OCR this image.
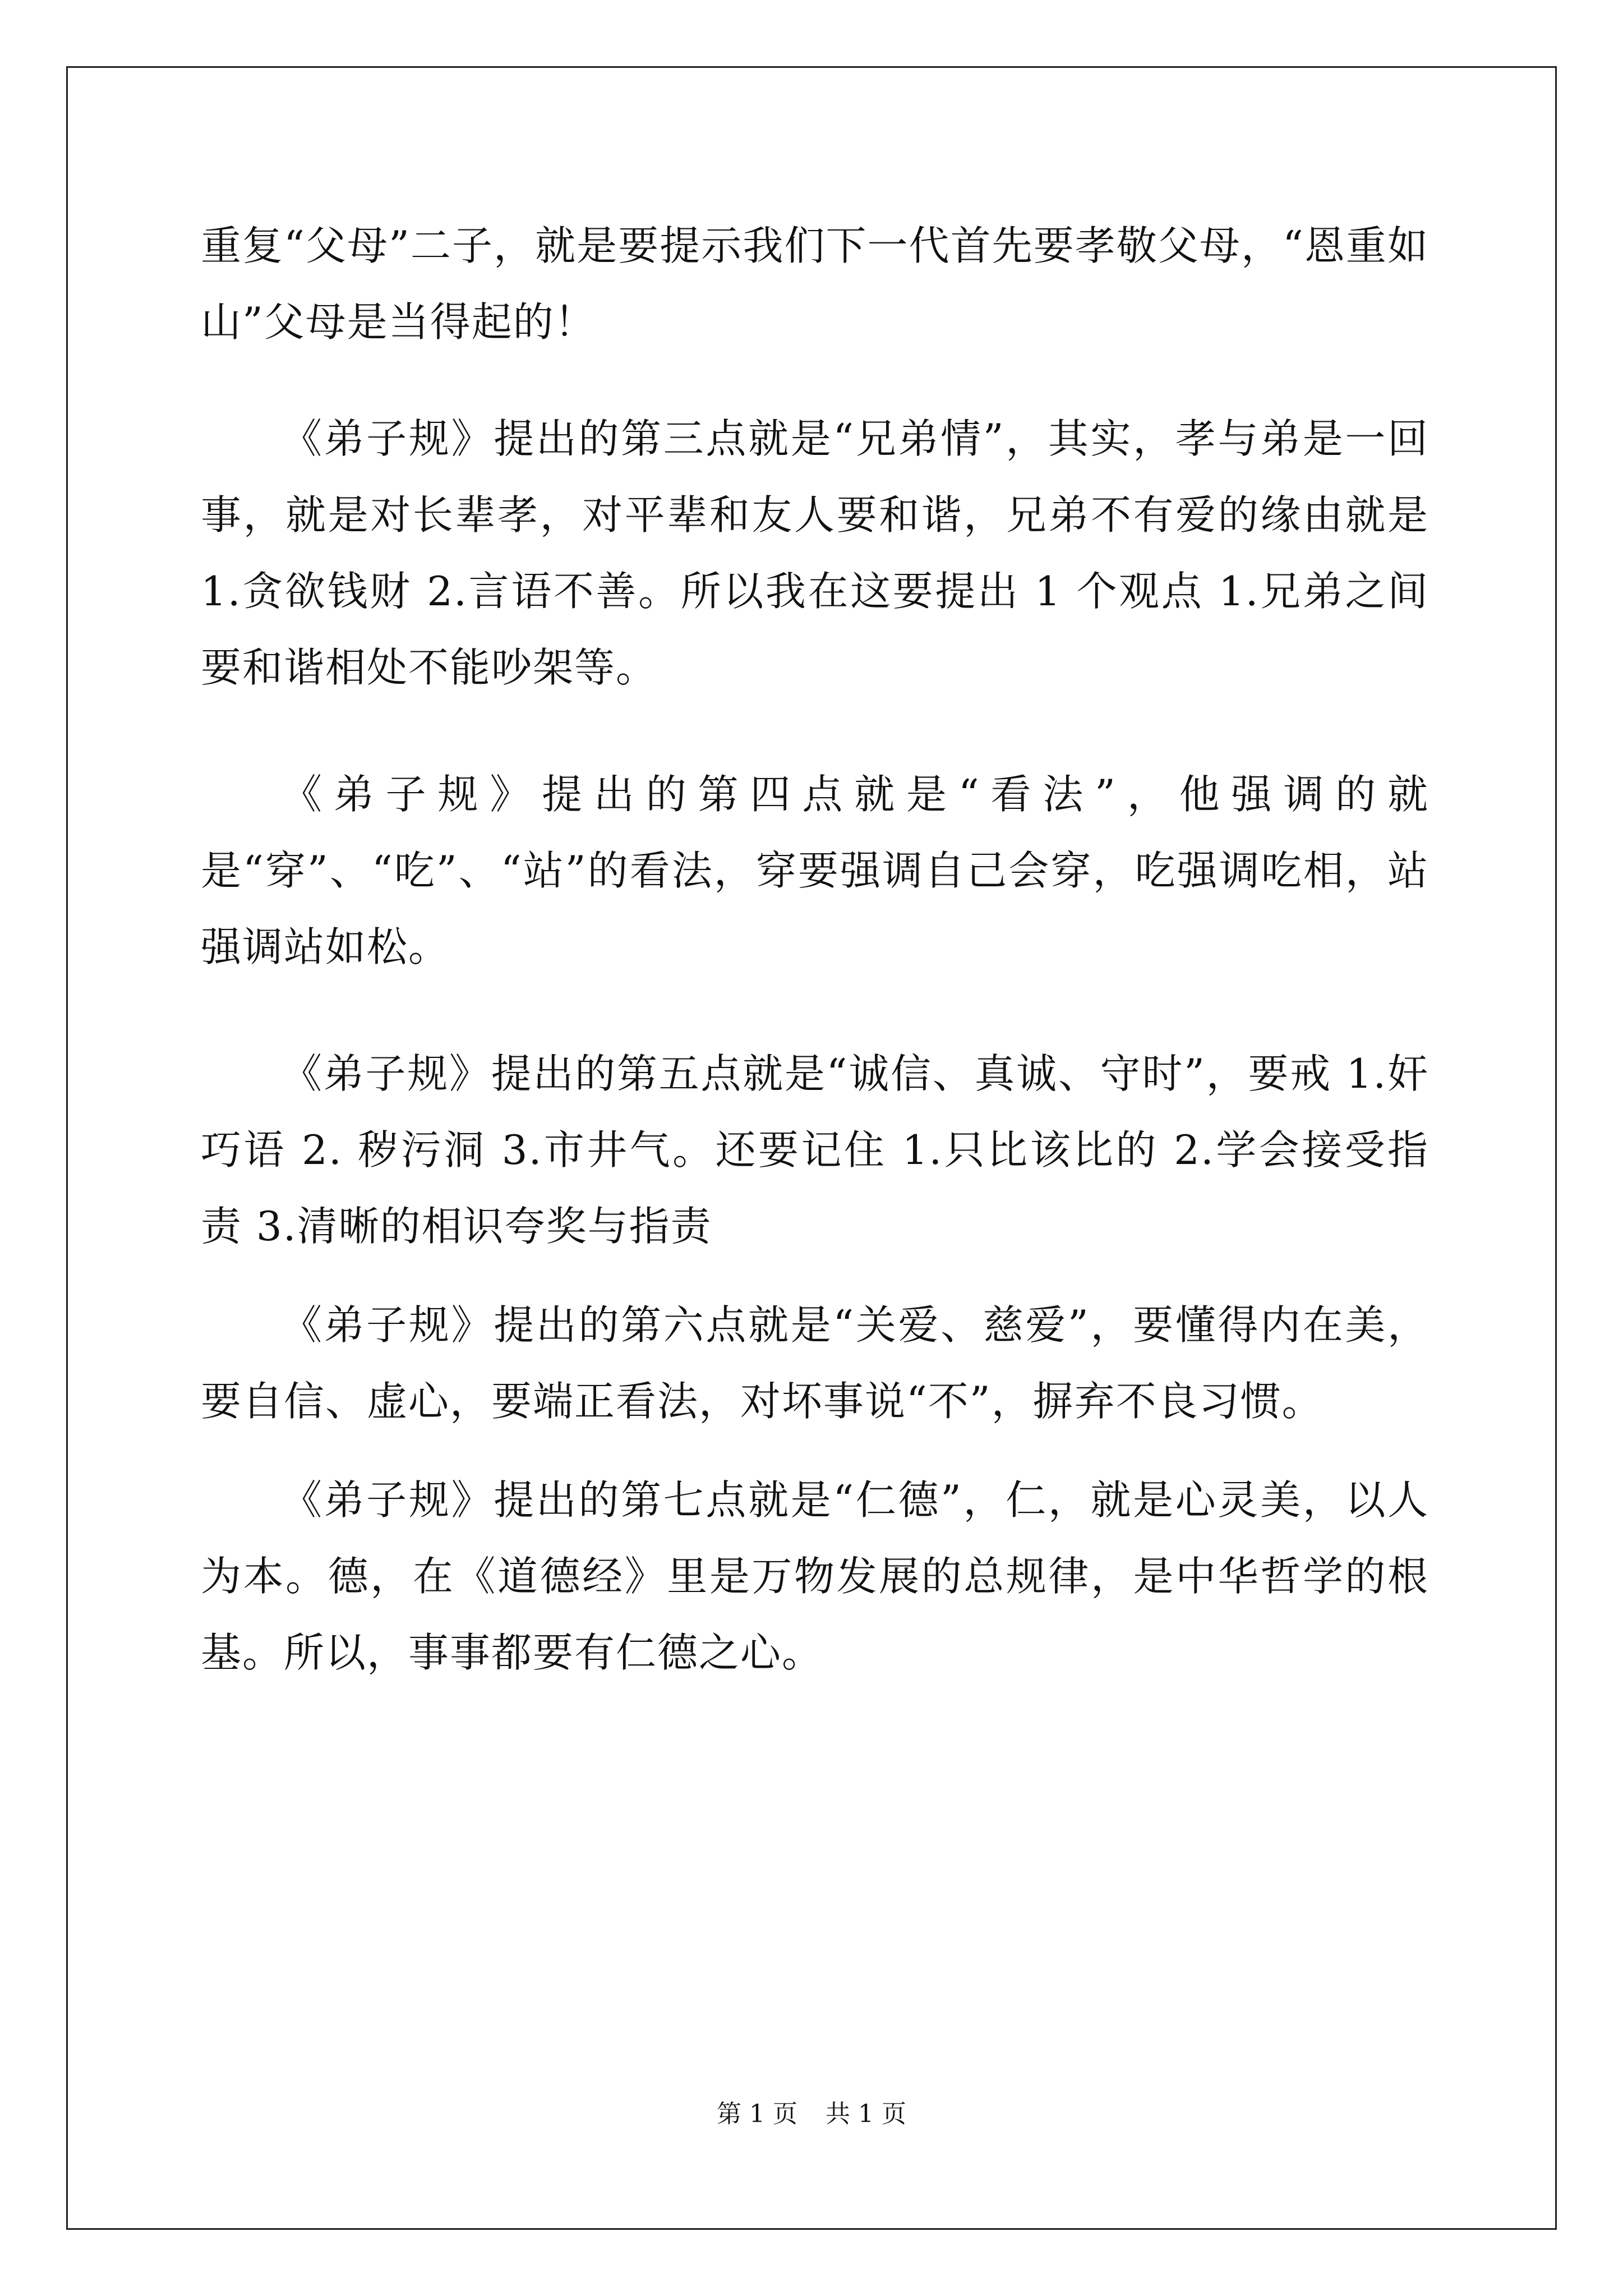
重复“父母”二子，就是要提示我们下一代首先要孝敬父母，“恩重如山”父母是当得起的！

《弟子规》提出的第三点就是“兄弟情”，其实，孝与弟是一回事，就是对长辈孝，对平辈和友人要和谐，兄弟不有爱的缘由就是 1.贪欲钱财 2.言语不善。所以我在这要提出 1 个观点 1.兄弟之间要和谐相处不能吵架等。

《弟子规》提出的第四点就是“看法”，他强调的就是“穿”、“吃”、“站”的看法，穿要强调自己会穿，吃强调吃相，站强调站如松。

《弟子规》提出的第五点就是“诚信、真诚、守时”，要戒 1.奸巧语 2. 秽污洞 3.市井气。还要记住 1.只比该比的 2.学会接受指责 3.清晰的相识夸奖与指责

《弟子规》提出的第六点就是“关爱、慈爱”，要懂得内在美，要自信、虚心，要端正看法，对坏事说“不”，摒弃不良习惯。

《弟子规》提出的第七点就是“仁德”，仁，就是心灵美，以人为本。德，在《道德经》里是万物发展的总规律，是中华哲学的根基。所以，事事都要有仁德之心。

第 1 页 共 1 页
